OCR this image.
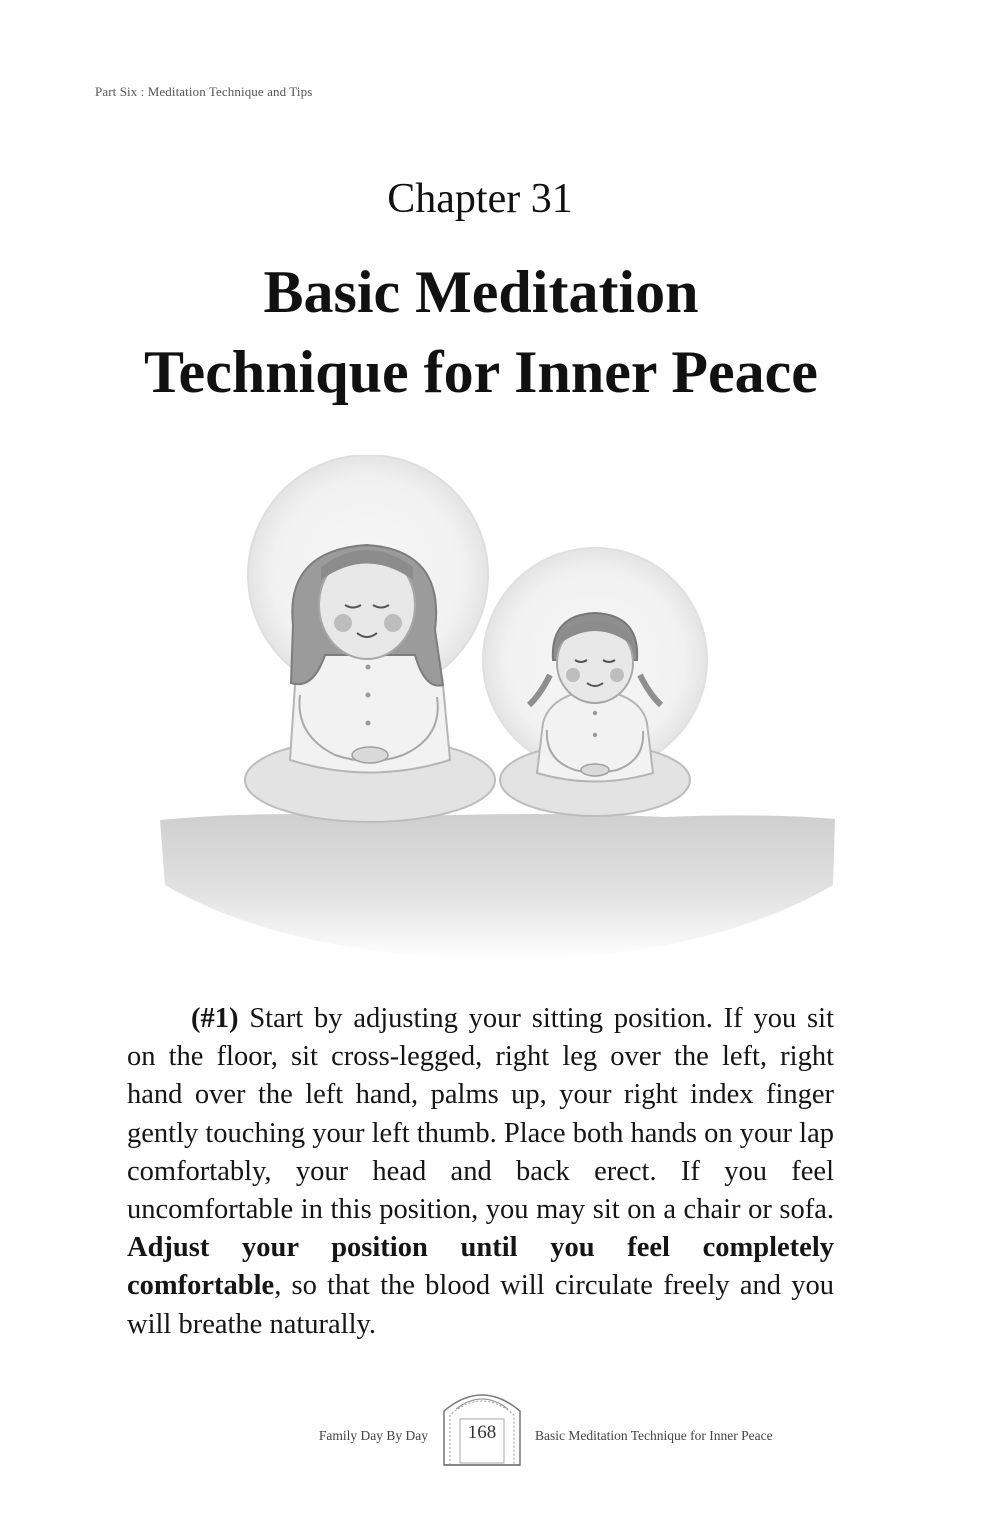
Part Six : Meditation Technique and Tips
Chapter 31
Basic Meditation
Technique for Inner Peace

(#1) Start by adjusting your sitting position. If you sit on the floor, sit cross-legged, right leg over the left, right hand over the left hand, palms up, your right index finger gently touching your left thumb. Place both hands on your lap comfortably, your head and back erect. If you feel uncomfortable in this position, you may sit on a chair or sofa. Adjust your position until you feel completely comfortable, so that the blood will circulate freely and you will breathe naturally.

Family Day By Day	168	Basic Meditation Technique for Inner Peace
